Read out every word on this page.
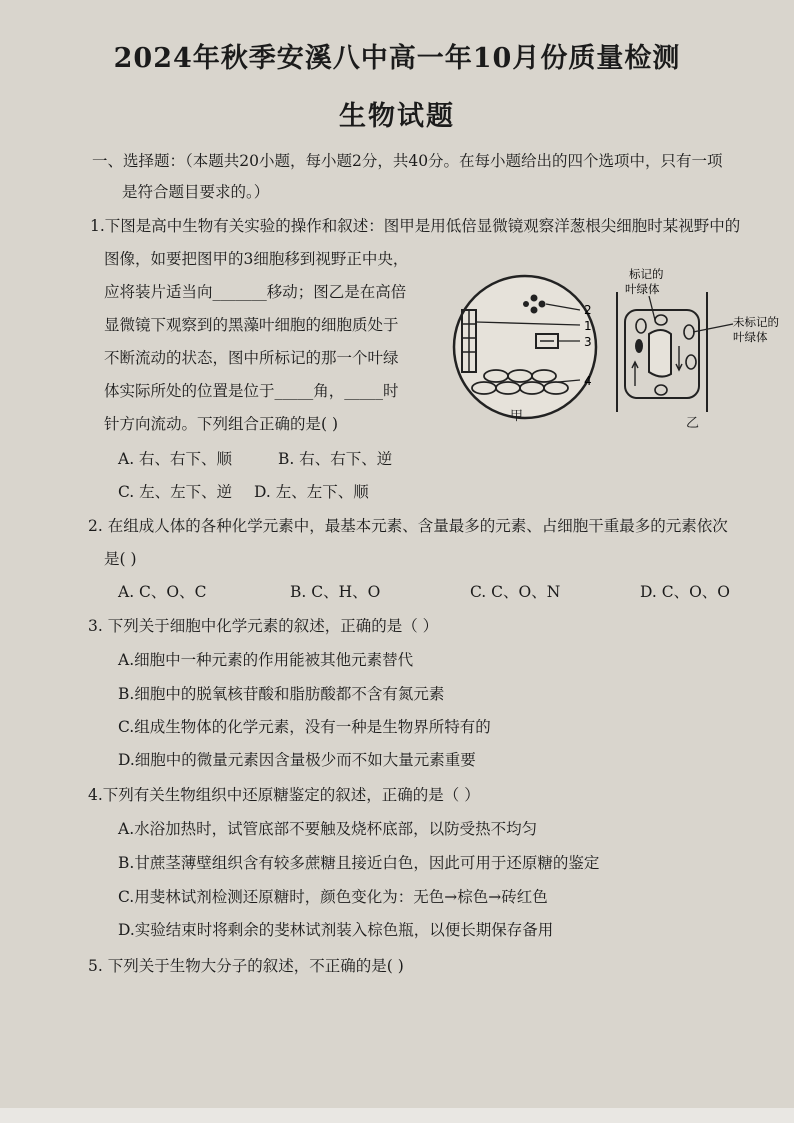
2024年秋季安溪八中高一年10月份质量检测
生物试题
一、选择题：（本题共20小题，每小题2分，共40分。在每小题给出的四个选项中，只有一项
是符合题目要求的。）
1.下图是高中生物有关实验的操作和叙述：图甲是用低倍显微镜观察洋葱根尖细胞时某视野中的
图像，如要把图甲的3细胞移到视野正中央，
应将装片适当向_______移动；图乙是在高倍
显微镜下观察到的黑藻叶细胞的细胞质处于
不断流动的状态，图中所标记的那一个叶绿
体实际所处的位置是位于_____角，_____时
针方向流动。下列组合正确的是( )
A. 右、右下、顺	B. 右、右下、逆
C. 左、左下、逆 D. 左、左下、顺
2
1
3
4
甲
标记的
叶绿体
未标记的
叶绿体
乙
2. 在组成人体的各种化学元素中，最基本元素、含量最多的元素、占细胞干重最多的元素依次
是( )
A. C、O、C	B. C、H、O	C. C、O、N	D. C、O、O
3. 下列关于细胞中化学元素的叙述，正确的是（ ）
A.细胞中一种元素的作用能被其他元素替代
B.细胞中的脱氧核苷酸和脂肪酸都不含有氮元素
C.组成生物体的化学元素，没有一种是生物界所特有的
D.细胞中的微量元素因含量极少而不如大量元素重要
4.下列有关生物组织中还原糖鉴定的叙述，正确的是（ ）
A.水浴加热时，试管底部不要触及烧杯底部，以防受热不均匀
B.甘蔗茎薄壁组织含有较多蔗糖且接近白色，因此可用于还原糖的鉴定
C.用斐林试剂检测还原糖时，颜色变化为：无色→棕色→砖红色
D.实验结束时将剩余的斐林试剂装入棕色瓶，以便长期保存备用
5. 下列关于生物大分子的叙述，不正确的是( )
